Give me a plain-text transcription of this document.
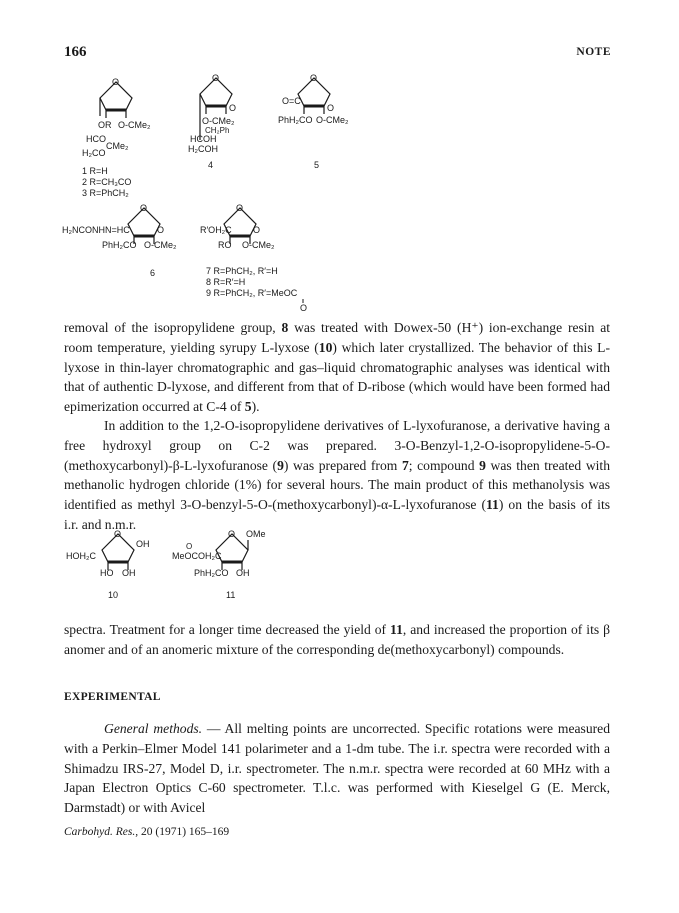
166	NOTE
O
OR O-CMe₂
HCO
CMe₂
H₂CO
1 R=H
2 R=CH₃CO
3 R=PhCH₂
O
O
O-CMe₂
CH₂Ph
HCOH
H₂COH
4
O
O=C
O
PhH₂CO O-CMe₂
5
O
H₂NCONHN=HC	O
PhH₂CO O-CMe₂
6
O
R′OH₂C O
RO O-CMe₂
7 R=PhCH₂, R′=H
8 R=R′=H
9 R=PhCH₂, R′=MeOC
O

removal of the isopropylidene group, 8 was treated with Dowex-50 (H⁺) ion-exchange resin at room temperature, yielding syrupy L-lyxose (10) which later crystallized. The behavior of this L-lyxose in thin-layer chromatographic and gas–liquid chromatographic analyses was identical with that of authentic D-lyxose, and different from that of D-ribose (which would have been formed had epimerization occurred at C-4 of 5).

In addition to the 1,2-O-isopropylidene derivatives of L-lyxofuranose, a derivative having a free hydroxyl group on C-2 was prepared. 3-O-Benzyl-1,2-O-isopropylidene-5-O-(methoxycarbonyl)-β-L-lyxofuranose (9) was prepared from 7; compound 9 was then treated with methanolic hydrogen chloride (1%) for several hours. The main product of this methanolysis was identified as methyl 3-O-benzyl-5-O-(methoxycarbonyl)-α-L-lyxofuranose (11) on the basis of its i.r. and n.m.r.

O
OH
HOH₂C
HO OH
10
O OMe
O
MeOCOH₂C
PhH₂CO OH
11

spectra. Treatment for a longer time decreased the yield of 11, and increased the proportion of its β anomer and of an anomeric mixture of the corresponding de(methoxycarbonyl) compounds.

EXPERIMENTAL

General methods. — All melting points are uncorrected. Specific rotations were measured with a Perkin–Elmer Model 141 polarimeter and a 1-dm tube. The i.r. spectra were recorded with a Shimadzu IRS-27, Model D, i.r. spectrometer. The n.m.r. spectra were recorded at 60 MHz with a Japan Electron Optics C-60 spectrometer. T.l.c. was performed with Kieselgel G (E. Merck, Darmstadt) or with Avicel

Carbohyd. Res., 20 (1971) 165–169
